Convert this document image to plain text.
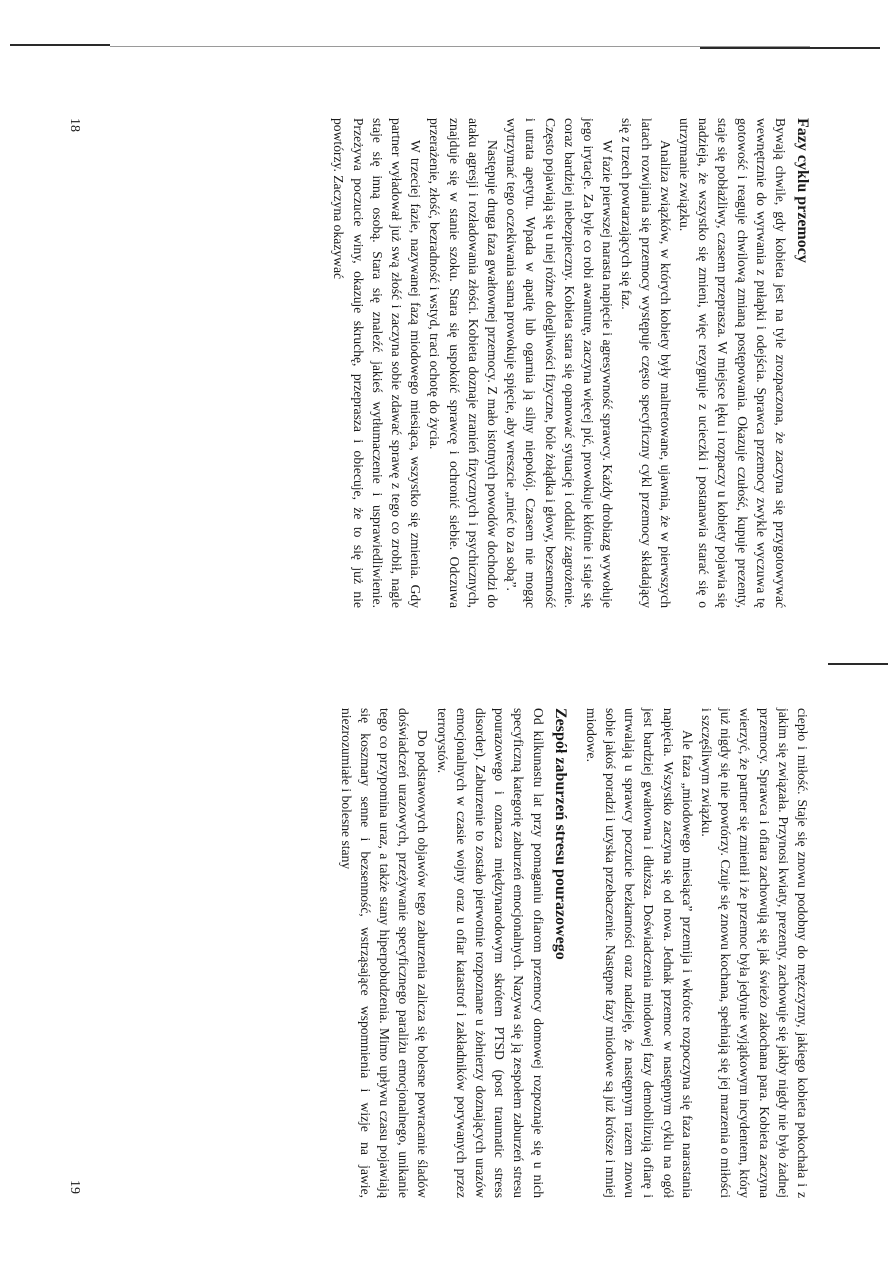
Fazy cyklu przemocy

Bywają chwile, gdy kobieta jest na tyle zrozpaczona, że zaczyna się przygotowywać wewnętrznie do wyrwania z pułapki i odejścia. Sprawca przemocy zwykle wyczuwa tę gotowość i reaguje chwilową zmianą postępowania. Okazuje czułość, kupuje prezenty, staje się pobłażliwy, czasem przeprasza. W miejsce lęku i rozpaczy u kobiety pojawia się nadzieja, że wszystko się zmieni, więc rezygnuje z ucieczki i postanawia starać się o utrzymanie związku.

Analiza związków, w których kobiety były maltretowane, ujawnia, że w pierwszych latach rozwijania się przemocy występuje często specyficzny cykl przemocy składający się z trzech powtarzających się faz.

W fazie pierwszej narasta napięcie i agresywność sprawcy. Każdy drobiazg wywołuje jego irytacje. Za byle co robi awanturę, zaczyna więcej pić, prowokuje kłótnie i staje się coraz bardziej niebezpieczny. Kobieta stara się opanować sytuację i oddalić zagrożenie. Często pojawiają się u niej różne dolegliwości fizyczne, bóle żołądka i głowy, bezsenność i utrata apetytu. Wpada w apatię lub ogarnia ją silny niepokój. Czasem nie mogąc wytrzymać tego oczekiwania sama prowokuje spięcie, aby wreszcie „mieć to za sobą”.

Następuje druga faza gwałtownej przemocy. Z mało istotnych powodów dochodzi do ataku agresji i rozładowania złości. Kobieta doznaje zranień fizycznych i psychicznych, znajduje się w stanie szoku. Stara się uspokoić sprawcę i ochronić siebie. Odczuwa przerażenie, złość, bezradność i wstyd, traci ochotę do życia.

W trzeciej fazie, nazywanej fazą miodowego miesiąca, wszystko się zmienia. Gdy partner wyładował już swą złość i zaczyna sobie zdawać sprawę z tego co zrobił, nagle staje się inną osobą. Stara się znaleźć jakieś wytłumaczenie i usprawiedliwienie. Przeżywa poczucie winy, okazuje skruchę, przeprasza i obiecuje, że to się już nie powtórzy. Zaczyna okazywać

18

ciepło i miłość. Staje się znowu podobny do mężczyzny, jakiego kobieta pokochała i z jakim się związała. Przynosi kwiaty, prezenty, zachowuje się jakby nigdy nie było żadnej przemocy. Sprawca i ofiara zachowują się jak świeżo zakochana para. Kobieta zaczyna wierzyć, że partner się zmienił i że przemoc była jedynie wyjątkowym incydentem, który już nigdy się nie powtórzy. Czuje się znowu kochana, spełniają się jej marzenia o miłości i szczęśliwym związku.

Ale faza „miodowego miesiąca” przemija i wkrótce rozpoczyna się faza narastania napięcia. Wszystko zaczyna się od nowa. Jednak przemoc w następnym cyklu na ogół jest bardziej gwałtowna i dłuższa. Doświadczenia miodowej fazy demobilizują ofiarę i utrwalają u sprawcy poczucie bezkarności oraz nadzieję, że następnym razem znowu sobie jakoś poradzi i uzyska przebaczenie. Następne fazy miodowe są już krótsze i mniej miodowe.

Zespół zaburzeń stresu pourazowego

Od kilkunastu lat przy pomaganiu ofiarom przemocy domowej rozpoznaje się u nich specyficzną kategorię zaburzeń emocjonalnych. Nazywa się ją zespołem zaburzeń stresu pourazowego i oznacza międzynarodowym skrótem PTSD (post traumatic stress disorder). Zaburzenie to zostało pierwotnie rozpoznane u żołnierzy doznających urazów emocjonalnych w czasie wojny oraz u ofiar katastrof i zakładników porywanych przez terrorystów.

Do podstawowych objawów tego zaburzenia zalicza się bolesne powracanie śladów doświadczeń urazowych, przeżywanie specyficznego paraliżu emocjonalnego, unikanie tego co przypomina uraz, a także stany hiperpobudzenia. Mimo upływu czasu pojawiają się koszmary senne i bezsenność, wstrząsające wspomnienia i wizje na jawie, niezrozumiałe i bolesne stany

19
